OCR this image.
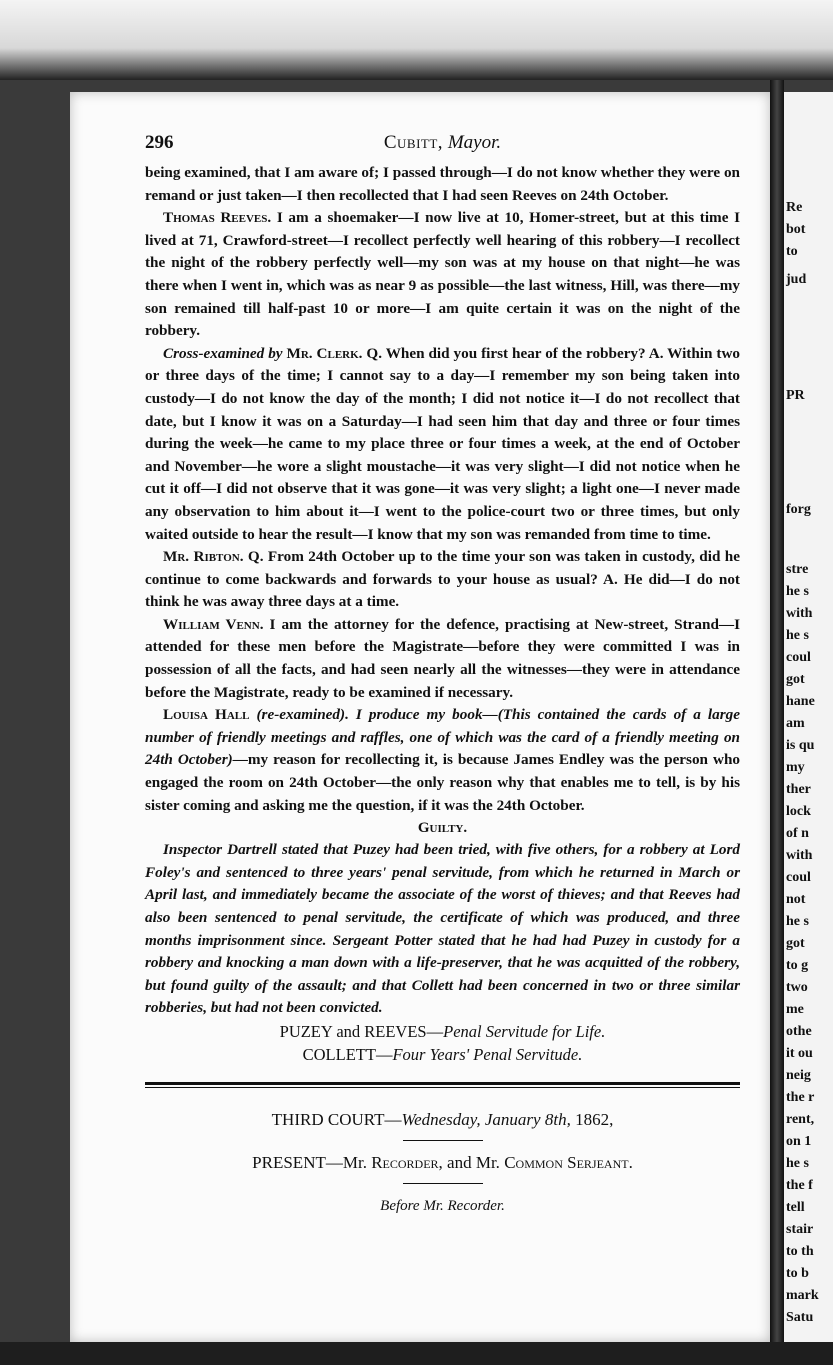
296	Cubitt, Mayor.

being examined, that I am aware of; I passed through—I do not know whether they were on remand or just taken—I then recollected that I had seen Reeves on 24th October.

Thomas Reeves. I am a shoemaker—I now live at 10, Homer-street, but at this time I lived at 71, Crawford-street—I recollect perfectly well hearing of this robbery—I recollect the night of the robbery perfectly well—my son was at my house on that night—he was there when I went in, which was as near 9 as possible—the last witness, Hill, was there—my son remained till half-past 10 or more—I am quite certain it was on the night of the robbery.

Cross-examined by Mr. Clerk. Q. When did you first hear of the robbery? A. Within two or three days of the time; I cannot say to a day—I remember my son being taken into custody—I do not know the day of the month; I did not notice it—I do not recollect that date, but I know it was on a Saturday—I had seen him that day and three or four times during the week—he came to my place three or four times a week, at the end of October and November—he wore a slight moustache—it was very slight—I did not notice when he cut it off—I did not observe that it was gone—it was very slight; a light one—I never made any observation to him about it—I went to the police-court two or three times, but only waited outside to hear the result—I know that my son was remanded from time to time.

Mr. Ribton. Q. From 24th October up to the time your son was taken in custody, did he continue to come backwards and forwards to your house as usual? A. He did—I do not think he was away three days at a time.

William Venn. I am the attorney for the defence, practising at New-street, Strand—I attended for these men before the Magistrate—before they were committed I was in possession of all the facts, and had seen nearly all the witnesses—they were in attendance before the Magistrate, ready to be examined if necessary.

Louisa Hall (re-examined). I produce my book—(This contained the cards of a large number of friendly meetings and raffles, one of which was the card of a friendly meeting on 24th October)—my reason for recollecting it, is because James Endley was the person who engaged the room on 24th October—the only reason why that enables me to tell, is by his sister coming and asking me the question, if it was the 24th October.

Guilty.

Inspector Dartrell stated that Puzey had been tried, with five others, for a robbery at Lord Foley's and sentenced to three years' penal servitude, from which he returned in March or April last, and immediately became the associate of the worst of thieves; and that Reeves had also been sentenced to penal servitude, the certificate of which was produced, and three months imprisonment since. Sergeant Potter stated that he had had Puzey in custody for a robbery and knocking a man down with a life-preserver, that he was acquitted of the robbery, but found guilty of the assault; and that Collett had been concerned in two or three similar robberies, but had not been convicted.

PUZEY and REEVES—Penal Servitude for Life.
COLLETT—Four Years' Penal Servitude.
THIRD COURT—Wednesday, January 8th, 1862,
PRESENT—Mr. Recorder, and Mr. Common Serjeant.
Before Mr. Recorder.
Re
bot
to
jud
PR
forg
stre
he s
with
he s
coul
got
hane
am
is qu
my
ther
lock
of n
with
coul
not
he s
got
to g
two
me
othe
it ou
neig
the r
rent,
on 1
he s
the f
tell
stair
to th
to b
mark
Satu
